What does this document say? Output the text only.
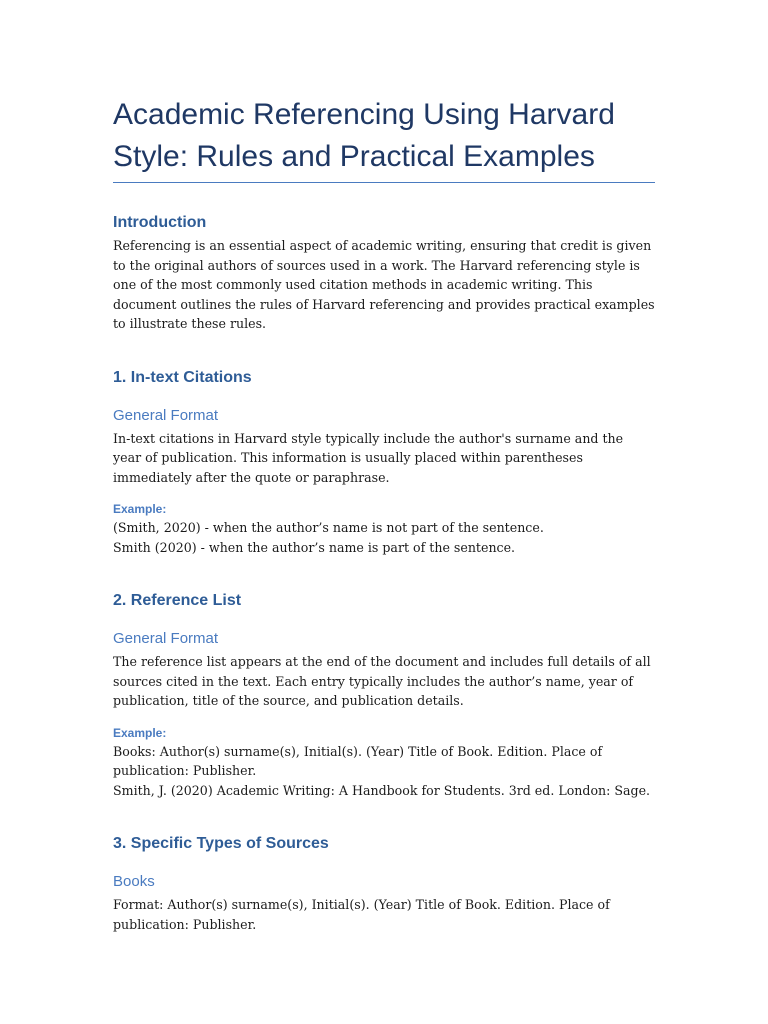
Academic Referencing Using Harvard Style: Rules and Practical Examples
Introduction

Referencing is an essential aspect of academic writing, ensuring that credit is given to the original authors of sources used in a work. The Harvard referencing style is one of the most commonly used citation methods in academic writing. This document outlines the rules of Harvard referencing and provides practical examples to illustrate these rules.

1. In-text Citations
General Format

In-text citations in Harvard style typically include the author's surname and the year of publication. This information is usually placed within parentheses immediately after the quote or paraphrase.

Example:
(Smith, 2020) - when the author’s name is not part of the sentence.
Smith (2020) - when the author’s name is part of the sentence.
2. Reference List
General Format

The reference list appears at the end of the document and includes full details of all sources cited in the text. Each entry typically includes the author’s name, year of publication, title of the source, and publication details.

Example:
Books: Author(s) surname(s), Initial(s). (Year) Title of Book. Edition. Place of publication: Publisher.
Smith, J. (2020) Academic Writing: A Handbook for Students. 3rd ed. London: Sage.
3. Specific Types of Sources
Books

Format: Author(s) surname(s), Initial(s). (Year) Title of Book. Edition. Place of publication: Publisher.
